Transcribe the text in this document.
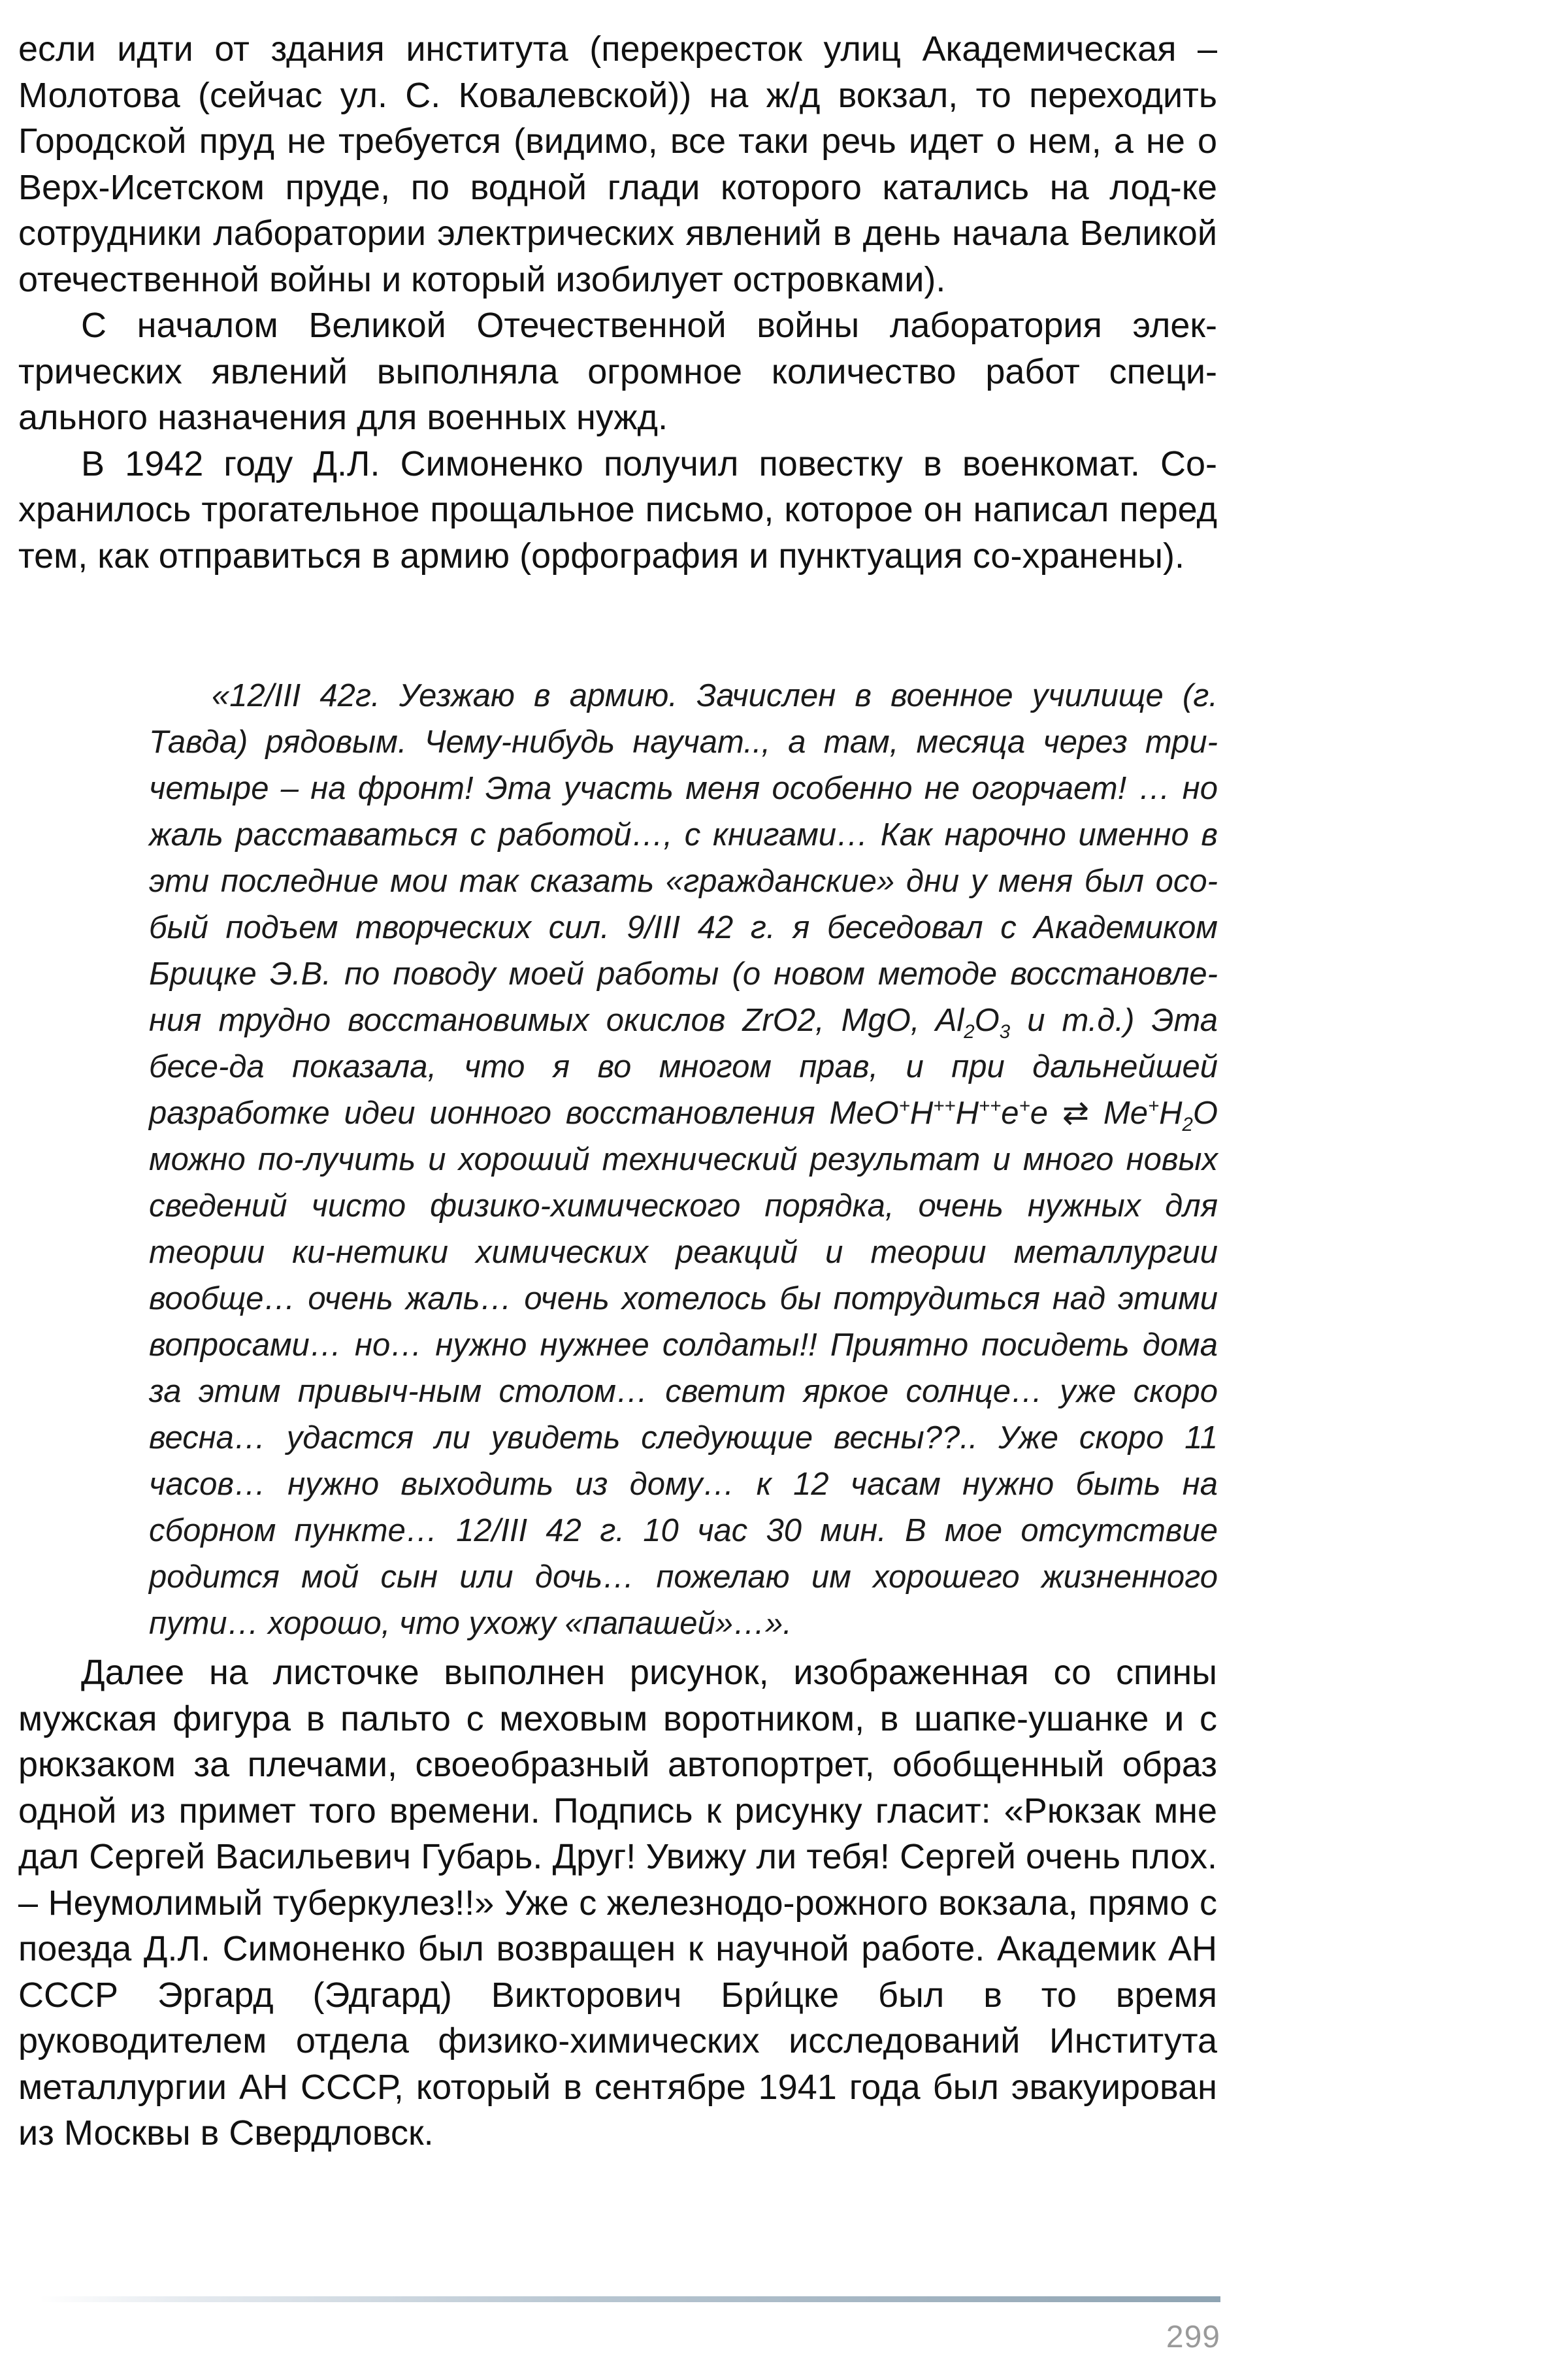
если идти от здания института (перекресток улиц Академическая – Молотова (сейчас ул. С. Ковалевской)) на ж/д вокзал, то переходить Городской пруд не требуется (видимо, все таки речь идет о нем, а не о Верх-Исетском пруде, по водной глади которого катались на лод-ке сотрудники лаборатории электрических явлений в день начала Великой отечественной войны и который изобилует островками).

С началом Великой Отечественной войны лаборатория элек-трических явлений выполняла огромное количество работ специ-ального назначения для военных нужд.

В 1942 году Д.Л. Симоненко получил повестку в военкомат. Со-хранилось трогательное прощальное письмо, которое он написал перед тем, как отправиться в армию (орфография и пунктуация со-хранены).

«12/III 42г. Уезжаю в армию. Зачислен в военное училище (г. Тавда) рядовым. Чему-нибудь научат.., а там, месяца через три-четыре – на фронт! Эта участь меня особенно не огорчает! … но жаль расставаться с работой…, с книгами… Как нарочно именно в эти последние мои так сказать «гражданские» дни у меня был осо-бый подъем творческих сил. 9/III 42 г. я беседовал с Академиком Брицке Э.В. по поводу моей работы (о новом методе восстановле-ния трудно восстановимых окислов ZrO2, MgO, $Al_2O_3$ и т.д.) Эта бесе-да показала, что я во многом прав, и при дальнейшей разработке идеи ионного восстановления MeO+H++H++e+e ⇄ $Me^+H_2O$ можно по-лучить и хороший технический результат и много новых сведений чисто физико-химического порядка, очень нужных для теории ки-нетики химических реакций и теории металлургии вообще… очень жаль… очень хотелось бы потрудиться над этими вопросами… но… нужно нужнее солдаты!! Приятно посидеть дома за этим привыч-ным столом… светит яркое солнце… уже скоро весна… удастся ли увидеть следующие весны??.. Уже скоро 11 часов… нужно выходить из дому… к 12 часам нужно быть на сборном пункте… 12/III 42 г. 10 час 30 мин. В мое отсутствие родится мой сын или дочь… пожелаю им хорошего жизненного пути… хорошо, что ухожу «папашей»…».

Далее на листочке выполнен рисунок, изображенная со спины мужская фигура в пальто с меховым воротником, в шапке-ушанке и с рюкзаком за плечами, своеобразный автопортрет, обобщенный образ одной из примет того времени. Подпись к рисунку гласит: «Рюкзак мне дал Сергей Васильевич Губарь. Друг! Увижу ли тебя! Сергей очень плох. – Неумолимый туберкулез!!» Уже с железнодо-рожного вокзала, прямо с поезда Д.Л. Симоненко был возвращен к научной работе. Академик АН СССР Эргард (Эдгард) Викторович Бри́цке был в то время руководителем отдела физико-химических исследований Института металлургии АН СССР, который в сентябре 1941 года был эвакуирован из Москвы в Свердловск.

299
